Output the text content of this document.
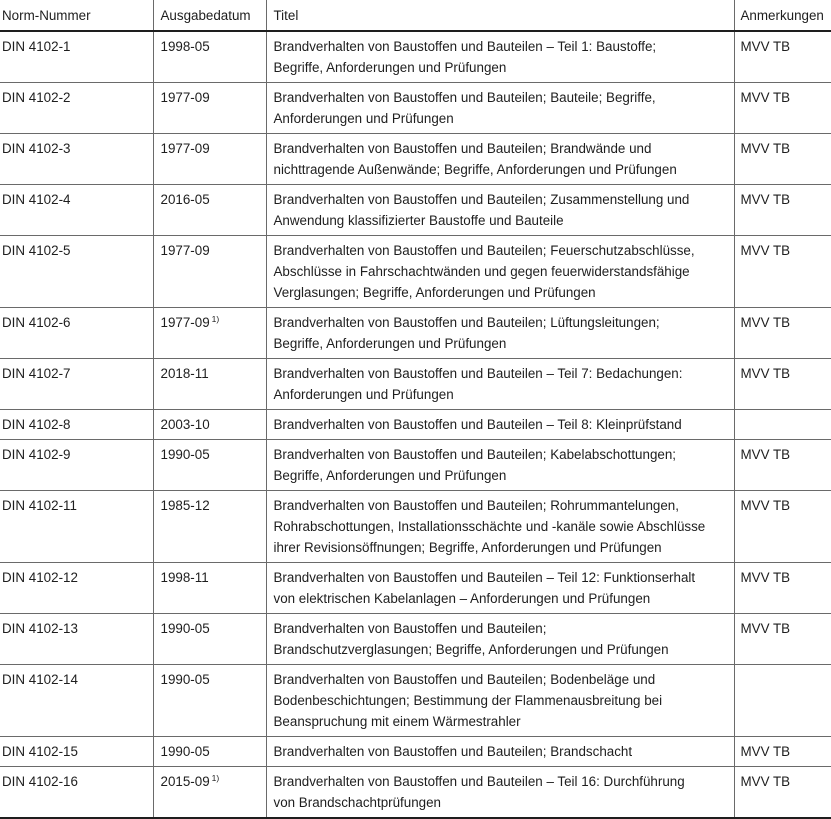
Norm-Nummer	Ausgabedatum	Titel	Anmerkungen
DIN 4102-1	1998-05	Brandverhalten von Baustoffen und Bauteilen – Teil 1: Baustoffe;
Begriffe, Anforderungen und Prüfungen	MVV TB
DIN 4102-2	1977-09	Brandverhalten von Baustoffen und Bauteilen; Bauteile; Begriffe,
Anforderungen und Prüfungen	MVV TB
DIN 4102-3	1977-09	Brandverhalten von Baustoffen und Bauteilen; Brandwände und
nichttragende Außenwände; Begriffe, Anforderungen und Prüfungen	MVV TB
DIN 4102-4	2016-05	Brandverhalten von Baustoffen und Bauteilen; Zusammenstellung und
Anwendung klassifizierter Baustoffe und Bauteile	MVV TB
DIN 4102-5	1977-09	Brandverhalten von Baustoffen und Bauteilen; Feuerschutzabschlüsse,
Abschlüsse in Fahrschachtwänden und gegen feuerwiderstandsfähige
Verglasungen; Begriffe, Anforderungen und Prüfungen	MVV TB
DIN 4102-6	1977-09 $^{1)}$	Brandverhalten von Baustoffen und Bauteilen; Lüftungsleitungen;
Begriffe, Anforderungen und Prüfungen	MVV TB
DIN 4102-7	2018-11	Brandverhalten von Baustoffen und Bauteilen – Teil 7: Bedachungen:
Anforderungen und Prüfungen	MVV TB
DIN 4102-8	2003-10	Brandverhalten von Baustoffen und Bauteilen – Teil 8: Kleinprüfstand	

DIN 4102-9	1990-05	Brandverhalten von Baustoffen und Bauteilen; Kabelabschottungen;
Begriffe, Anforderungen und Prüfungen	MVV TB
DIN 4102-11	1985-12	Brandverhalten von Baustoffen und Bauteilen; Rohrummantelungen,
Rohrabschottungen, Installationsschächte und -kanäle sowie Abschlüsse
ihrer Revisionsöffnungen; Begriffe, Anforderungen und Prüfungen	MVV TB
DIN 4102-12	1998-11	Brandverhalten von Baustoffen und Bauteilen – Teil 12: Funktionserhalt
von elektrischen Kabelanlagen – Anforderungen und Prüfungen	MVV TB
DIN 4102-13	1990-05	Brandverhalten von Baustoffen und Bauteilen;
Brandschutzverglasungen; Begriffe, Anforderungen und Prüfungen	MVV TB
DIN 4102-14	1990-05	Brandverhalten von Baustoffen und Bauteilen; Bodenbeläge und
Bodenbeschichtungen; Bestimmung der Flammenausbreitung bei
Beanspruchung mit einem Wärmestrahler	

DIN 4102-15	1990-05	Brandverhalten von Baustoffen und Bauteilen; Brandschacht	MVV TB
DIN 4102-16	2015-09 $^{1)}$	Brandverhalten von Baustoffen und Bauteilen – Teil 16: Durchführung
von Brandschachtprüfungen	MVV TB
